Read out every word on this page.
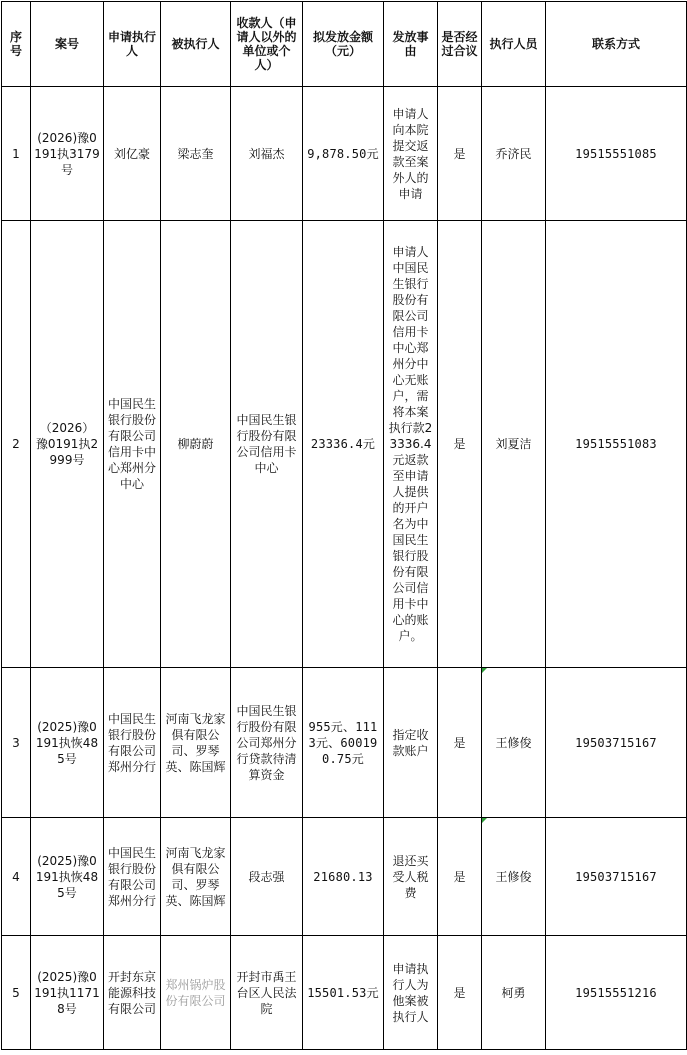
序号	案号	申请执行人	被执行人	收款人（申请人以外的单位或个人）	拟发放金额（元）	发放事由	是否经过合议	执行人员	联系方式
1	(2026)豫0191执3179号	刘亿豪	梁志奎	刘福杰	9,878.50元	申请人向本院提交返款至案外人的申请	是	乔济民	19515551085
2	（2026）豫0191执2999号	中国民生银行股份有限公司信用卡中心郑州分中心	柳蔚蔚	中国民生银行股份有限公司信用卡中心	23336.4元	申请人中国民生银行股份有限公司信用卡中心郑州分中心无账户，需将本案执行款23336.4元返款至申请人提供的开户名为中国民生银行股份有限公司信用卡中心的账户。	是	刘夏洁	19515551083
3	(2025)豫0191执恢485号	中国民生银行股份有限公司郑州分行	河南飞龙家俱有限公司、罗琴英、陈国辉	中国民生银行股份有限公司郑州分行贷款待清算资金	955元、1113元、600190.75元	指定收款账户	是	王修俊	19503715167
4	(2025)豫0191执恢485号	中国民生银行股份有限公司郑州分行	河南飞龙家俱有限公司、罗琴英、陈国辉	段志强	21680.13	退还买受人税费	是	王修俊	19503715167
5	(2025)豫0191执11718号	开封东京能源科技有限公司	郑州锅炉股份有限公司	开封市禹王台区人民法院	15501.53元	申请执行人为他案被执行人	是	柯勇	19515551216
